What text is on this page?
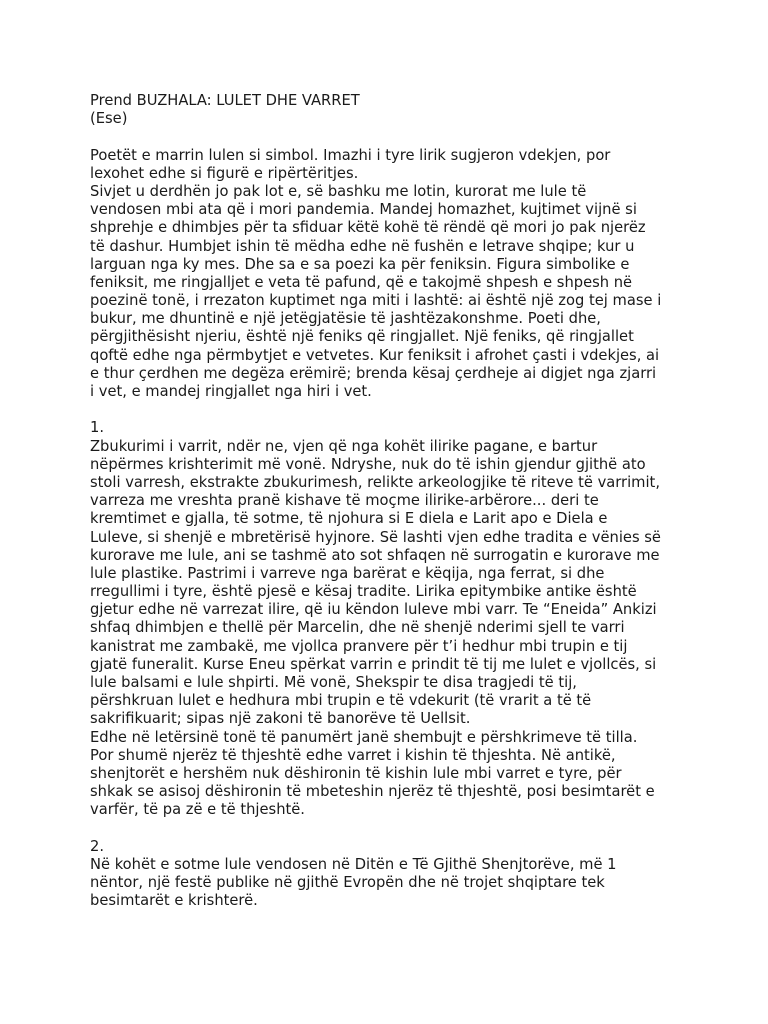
Prend BUZHALA: LULET DHE VARRET
(Ese)
Poetët e marrin lulen si simbol. Imazhi i tyre lirik sugjeron vdekjen, por
lexohet edhe si figurë e ripërtëritjes.
Sivjet u derdhën jo pak lot e, së bashku me lotin, kurorat me lule të
vendosen mbi ata që i mori pandemia. Mandej homazhet, kujtimet vijnë si
shprehje e dhimbjes për ta sfiduar këtë kohë të rëndë që mori jo pak njerëz
të dashur. Humbjet ishin të mëdha edhe në fushën e letrave shqipe; kur u
larguan nga ky mes. Dhe sa e sa poezi ka për feniksin. Figura simbolike e
feniksit, me ringjalljet e veta të pafund, që e takojmë shpesh e shpesh në
poezinë tonë, i rrezaton kuptimet nga miti i lashtë: ai është një zog tej mase i
bukur, me dhuntinë e një jetëgjatësie të jashtëzakonshme. Poeti dhe,
përgjithësisht njeriu, është një feniks që ringjallet. Një feniks, që ringjallet
qoftë edhe nga përmbytjet e vetvetes. Kur feniksit i afrohet çasti i vdekjes, ai
e thur çerdhen me degëza erëmirë; brenda kësaj çerdheje ai digjet nga zjarri
i vet, e mandej ringjallet nga hiri i vet.
1.
Zbukurimi i varrit, ndër ne, vjen që nga kohët ilirike pagane, e bartur
nëpërmes krishterimit më vonë. Ndryshe, nuk do të ishin gjendur gjithë ato
stoli varresh, ekstrakte zbukurimesh, relikte arkeologjike të riteve të varrimit,
varreza me vreshta pranë kishave të moçme ilirike-arbërore... deri te
kremtimet e gjalla, të sotme, të njohura si E diela e Larit apo e Diela e
Luleve, si shenjë e mbretërisë hyjnore. Së lashti vjen edhe tradita e vënies së
kurorave me lule, ani se tashmë ato sot shfaqen në surrogatin e kurorave me
lule plastike. Pastrimi i varreve nga barërat e këqija, nga ferrat, si dhe
rregullimi i tyre, është pjesë e kësaj tradite. Lirika epitymbike antike është
gjetur edhe në varrezat ilire, që iu këndon luleve mbi varr. Te “Eneida” Ankizi
shfaq dhimbjen e thellë për Marcelin, dhe në shenjë nderimi sjell te varri
kanistrat me zambakë, me vjollca pranvere për t’i hedhur mbi trupin e tij
gjatë funeralit. Kurse Eneu spërkat varrin e prindit të tij me lulet e vjollcës, si
lule balsami e lule shpirti. Më vonë, Shekspir te disa tragjedi të tij,
përshkruan lulet e hedhura mbi trupin e të vdekurit (të vrarit a të të
sakrifikuarit; sipas një zakoni të banorëve të Uellsit.
Edhe në letërsinë tonë të panumërt janë shembujt e përshkrimeve të tilla.
Por shumë njerëz të thjeshtë edhe varret i kishin të thjeshta. Në antikë,
shenjtorët e hershëm nuk dëshironin të kishin lule mbi varret e tyre, për
shkak se asisoj dëshironin të mbeteshin njerëz të thjeshtë, posi besimtarët e
varfër, të pa zë e të thjeshtë.
2.
Në kohët e sotme lule vendosen në Ditën e Të Gjithë Shenjtorëve, më 1
nëntor, një festë publike në gjithë Evropën dhe në trojet shqiptare tek
besimtarët e krishterë.
